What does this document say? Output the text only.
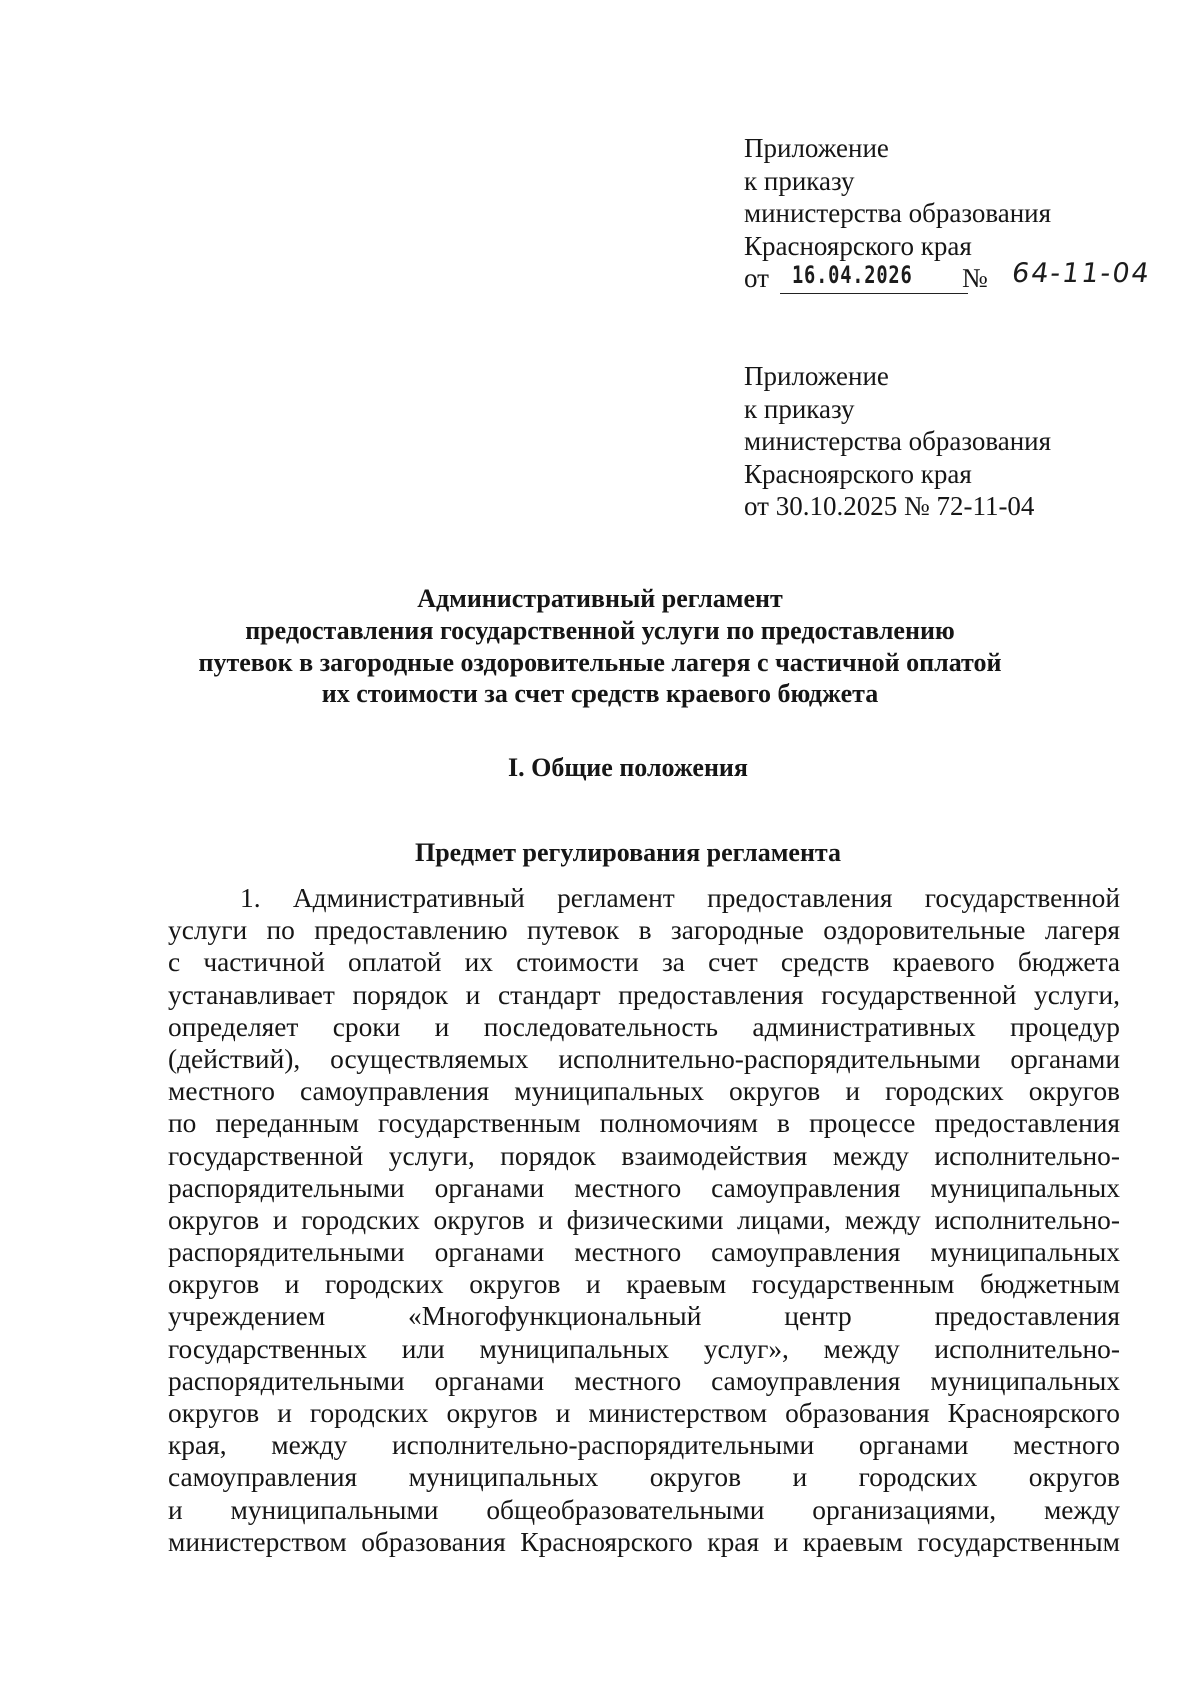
Приложение
к приказу
министерства образования
Красноярского края
от 16.04.2026 № 64-11-04
Приложение
к приказу
министерства образования
Красноярского края
от 30.10.2025 № 72-11-04
Административный регламент
предоставления государственной услуги по предоставлению
путевок в загородные оздоровительные лагеря с частичной оплатой
их стоимости за счет средств краевого бюджета
I. Общие положения
Предмет регулирования регламента
1. Административный регламент предоставления государственной
услуги по предоставлению путевок в загородные оздоровительные лагеря
с частичной оплатой их стоимости за счет средств краевого бюджета
устанавливает порядок и стандарт предоставления государственной услуги,
определяет сроки и последовательность административных процедур
(действий), осуществляемых исполнительно-распорядительными органами
местного самоуправления муниципальных округов и городских округов
по переданным государственным полномочиям в процессе предоставления
государственной услуги, порядок взаимодействия между исполнительно-
распорядительными органами местного самоуправления муниципальных
округов и городских округов и физическими лицами, между исполнительно-
распорядительными органами местного самоуправления муниципальных
округов и городских округов и краевым государственным бюджетным
учреждением «Многофункциональный центр предоставления
государственных или муниципальных услуг», между исполнительно-
распорядительными органами местного самоуправления муниципальных
округов и городских округов и министерством образования Красноярского
края, между исполнительно-распорядительными органами местного
самоуправления муниципальных округов и городских округов
и муниципальными общеобразовательными организациями, между
министерством образования Красноярского края и краевым государственным
